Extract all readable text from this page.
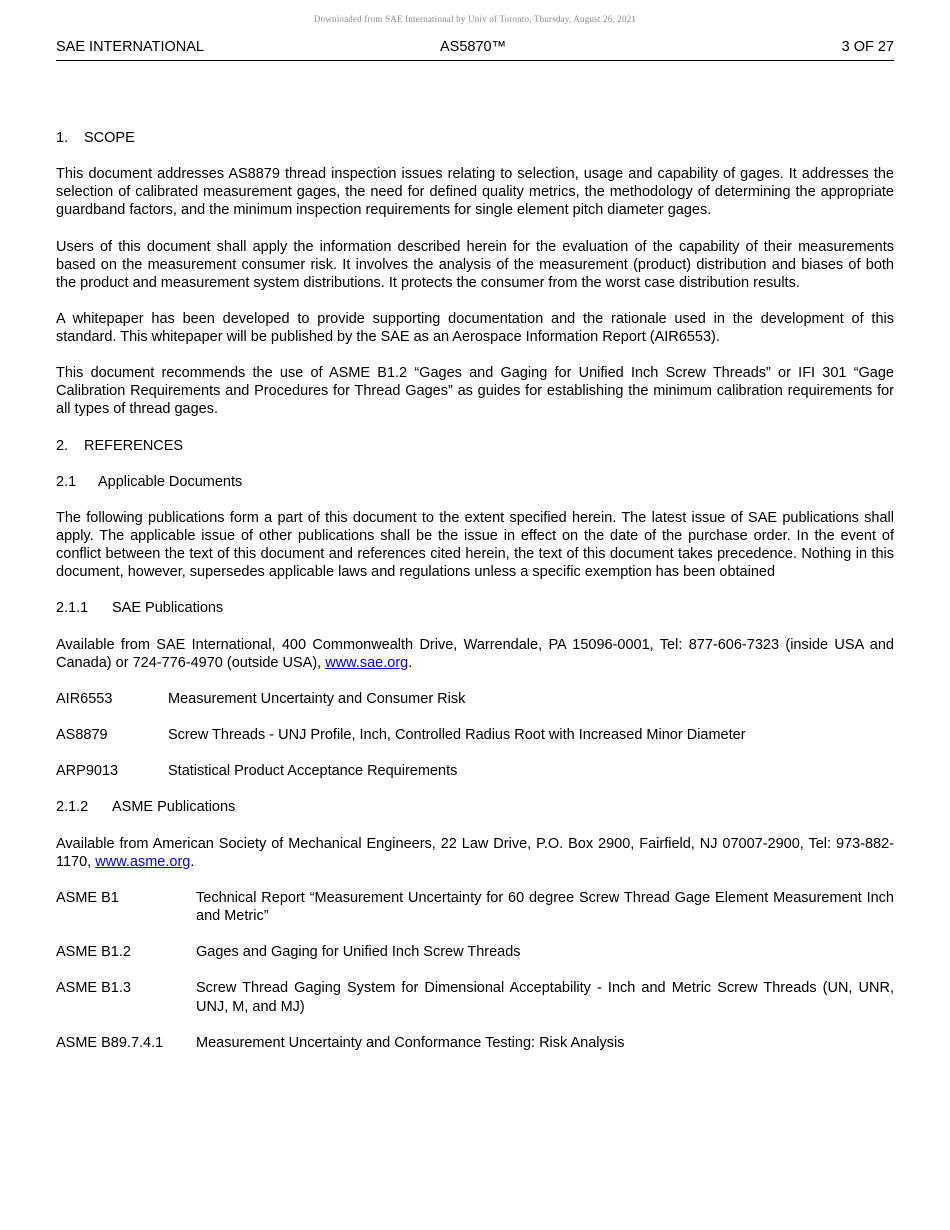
Downloaded from SAE International by Univ of Toronto, Thursday, August 26, 2021
SAE INTERNATIONAL	AS5870™	3 OF 27
1. SCOPE

This document addresses AS8879 thread inspection issues relating to selection, usage and capability of gages. It addresses the selection of calibrated measurement gages, the need for defined quality metrics, the methodology of determining the appropriate guardband factors, and the minimum inspection requirements for single element pitch diameter gages.

Users of this document shall apply the information described herein for the evaluation of the capability of their measurements based on the measurement consumer risk. It involves the analysis of the measurement (product) distribution and biases of both the product and measurement system distributions. It protects the consumer from the worst case distribution results.

A whitepaper has been developed to provide supporting documentation and the rationale used in the development of this standard. This whitepaper will be published by the SAE as an Aerospace Information Report (AIR6553).

This document recommends the use of ASME B1.2 “Gages and Gaging for Unified Inch Screw Threads” or IFI 301 “Gage Calibration Requirements and Procedures for Thread Gages” as guides for establishing the minimum calibration requirements for all types of thread gages.

2. REFERENCES
2.1 Applicable Documents

The following publications form a part of this document to the extent specified herein. The latest issue of SAE publications shall apply. The applicable issue of other publications shall be the issue in effect on the date of the purchase order. In the event of conflict between the text of this document and references cited herein, the text of this document takes precedence. Nothing in this document, however, supersedes applicable laws and regulations unless a specific exemption has been obtained

2.1.1 SAE Publications

Available from SAE International, 400 Commonwealth Drive, Warrendale, PA 15096-0001, Tel: 877-606-7323 (inside USA and Canada) or 724-776-4970 (outside USA), www.sae.org.

AIR6553	Measurement Uncertainty and Consumer Risk
AS8879	Screw Threads - UNJ Profile, Inch, Controlled Radius Root with Increased Minor Diameter
ARP9013	Statistical Product Acceptance Requirements
2.1.2 ASME Publications

Available from American Society of Mechanical Engineers, 22 Law Drive, P.O. Box 2900, Fairfield, NJ 07007-2900, Tel: 973-882-1170, www.asme.org.

ASME B1	Technical Report “Measurement Uncertainty for 60 degree Screw Thread Gage Element Measurement Inch and Metric”
ASME B1.2	Gages and Gaging for Unified Inch Screw Threads
ASME B1.3	Screw Thread Gaging System for Dimensional Acceptability - Inch and Metric Screw Threads (UN, UNR, UNJ, M, and MJ)
ASME B89.7.4.1	Measurement Uncertainty and Conformance Testing: Risk Analysis
